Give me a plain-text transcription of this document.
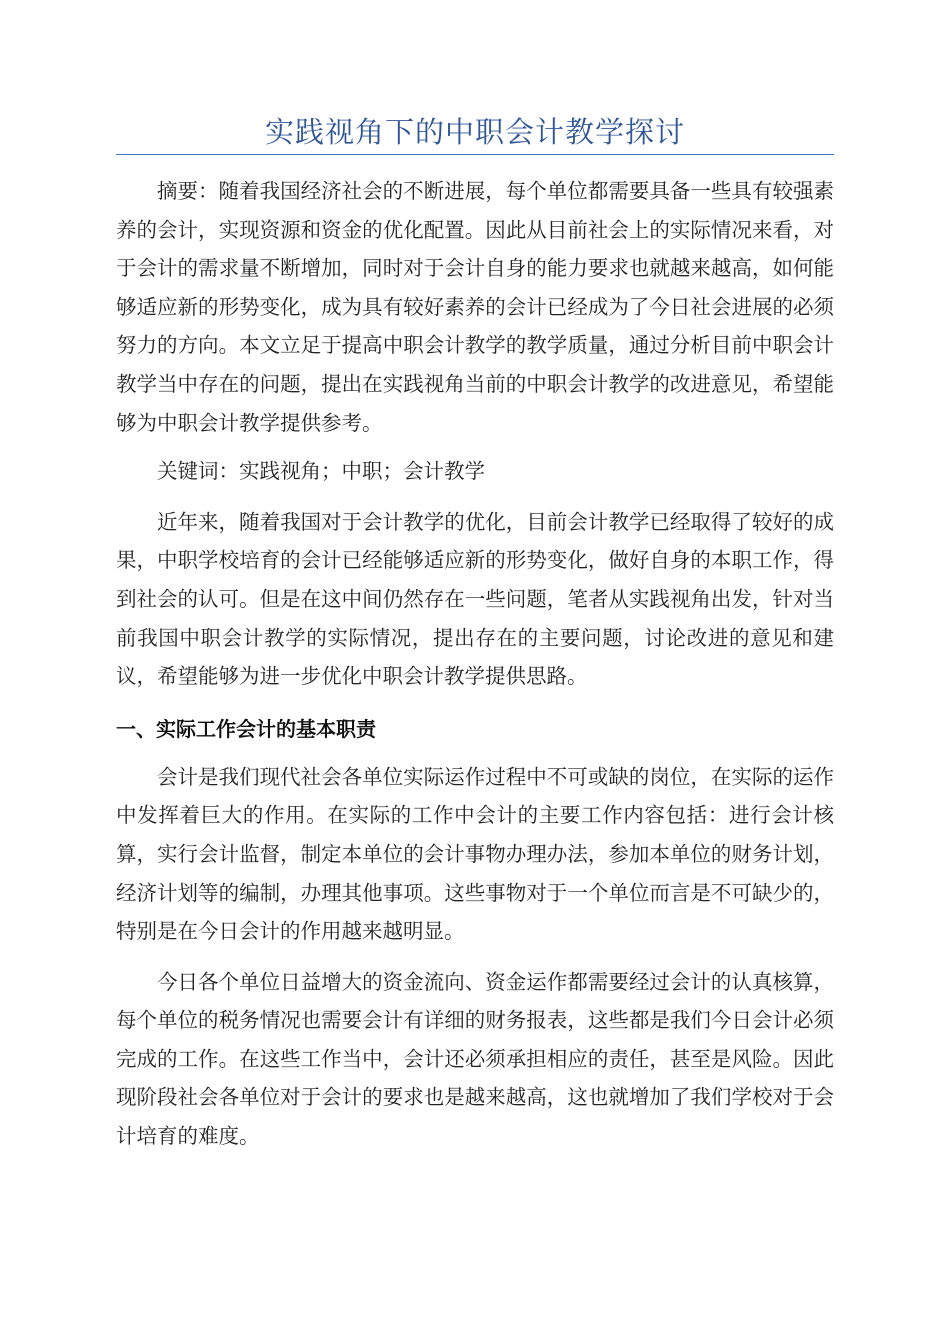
实践视角下的中职会计教学探讨

摘要：随着我国经济社会的不断进展，每个单位都需要具备一些具有较强素养的会计，实现资源和资金的优化配置。因此从目前社会上的实际情况来看，对于会计的需求量不断增加，同时对于会计自身的能力要求也就越来越高，如何能够适应新的形势变化，成为具有较好素养的会计已经成为了今日社会进展的必须努力的方向。本文立足于提高中职会计教学的教学质量，通过分析目前中职会计教学当中存在的问题，提出在实践视角当前的中职会计教学的改进意见，希望能够为中职会计教学提供参考。

关键词：实践视角；中职；会计教学

近年来，随着我国对于会计教学的优化，目前会计教学已经取得了较好的成果，中职学校培育的会计已经能够适应新的形势变化，做好自身的本职工作，得到社会的认可。但是在这中间仍然存在一些问题，笔者从实践视角出发，针对当前我国中职会计教学的实际情况，提出存在的主要问题，讨论改进的意见和建议，希望能够为进一步优化中职会计教学提供思路。

一、实际工作会计的基本职责

会计是我们现代社会各单位实际运作过程中不可或缺的岗位，在实际的运作中发挥着巨大的作用。在实际的工作中会计的主要工作内容包括：进行会计核算，实行会计监督，制定本单位的会计事物办理办法，参加本单位的财务计划，经济计划等的编制，办理其他事项。这些事物对于一个单位而言是不可缺少的，特别是在今日会计的作用越来越明显。

今日各个单位日益增大的资金流向、资金运作都需要经过会计的认真核算，每个单位的税务情况也需要会计有详细的财务报表，这些都是我们今日会计必须完成的工作。在这些工作当中，会计还必须承担相应的责任，甚至是风险。因此现阶段社会各单位对于会计的要求也是越来越高，这也就增加了我们学校对于会计培育的难度。
